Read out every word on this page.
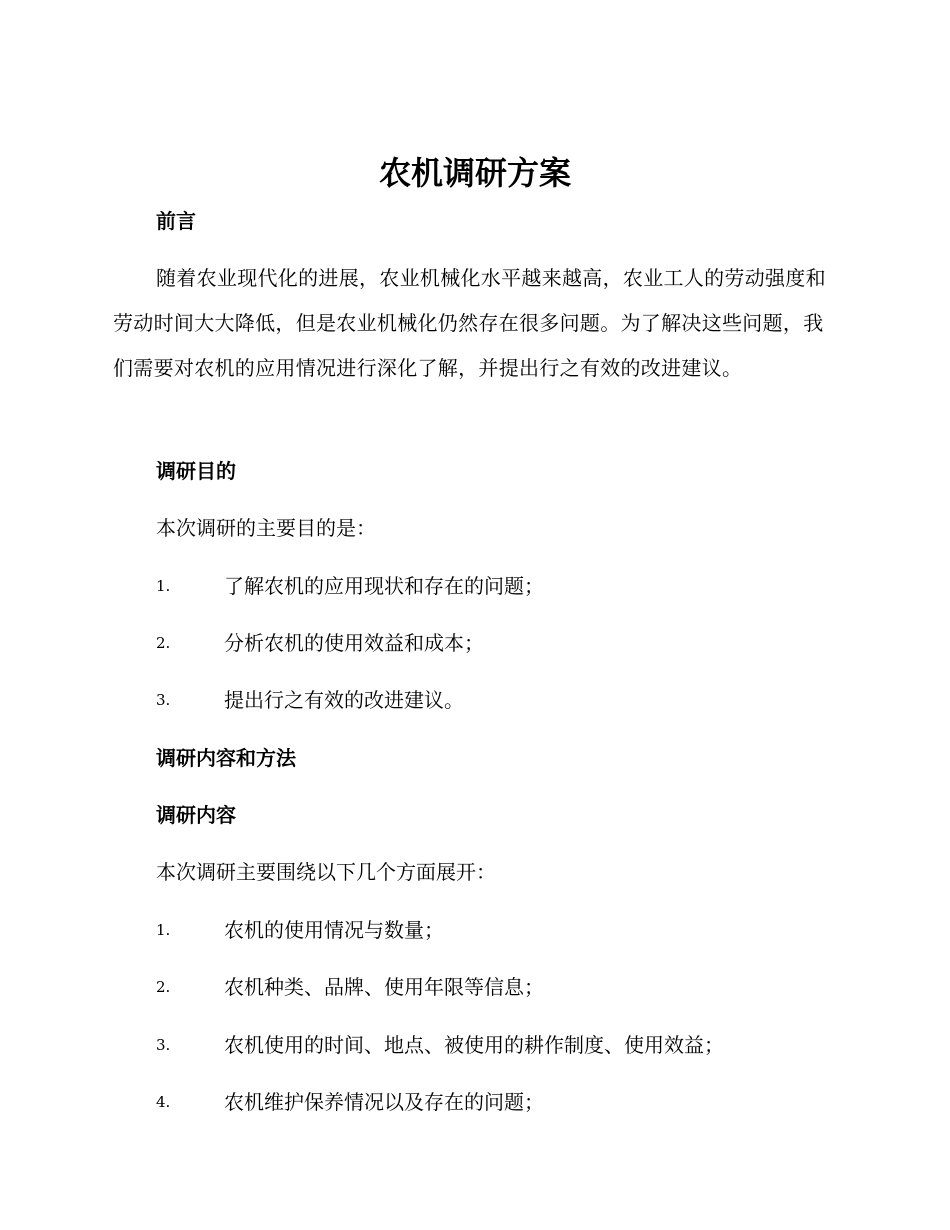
农机调研方案
前言

随着农业现代化的进展，农业机械化水平越来越高，农业工人的劳动强度和劳动时间大大降低，但是农业机械化仍然存在很多问题。为了解决这些问题，我们需要对农机的应用情况进行深化了解，并提出行之有效的改进建议。

调研目的

本次调研的主要目的是：

1.	了解农机的应用现状和存在的问题；
2.	分析农机的使用效益和成本；
3.	提出行之有效的改进建议。
调研内容和方法
调研内容

本次调研主要围绕以下几个方面展开：

1.	农机的使用情况与数量；
2.	农机种类、品牌、使用年限等信息；
3.	农机使用的时间、地点、被使用的耕作制度、使用效益；
4.	农机维护保养情况以及存在的问题；
